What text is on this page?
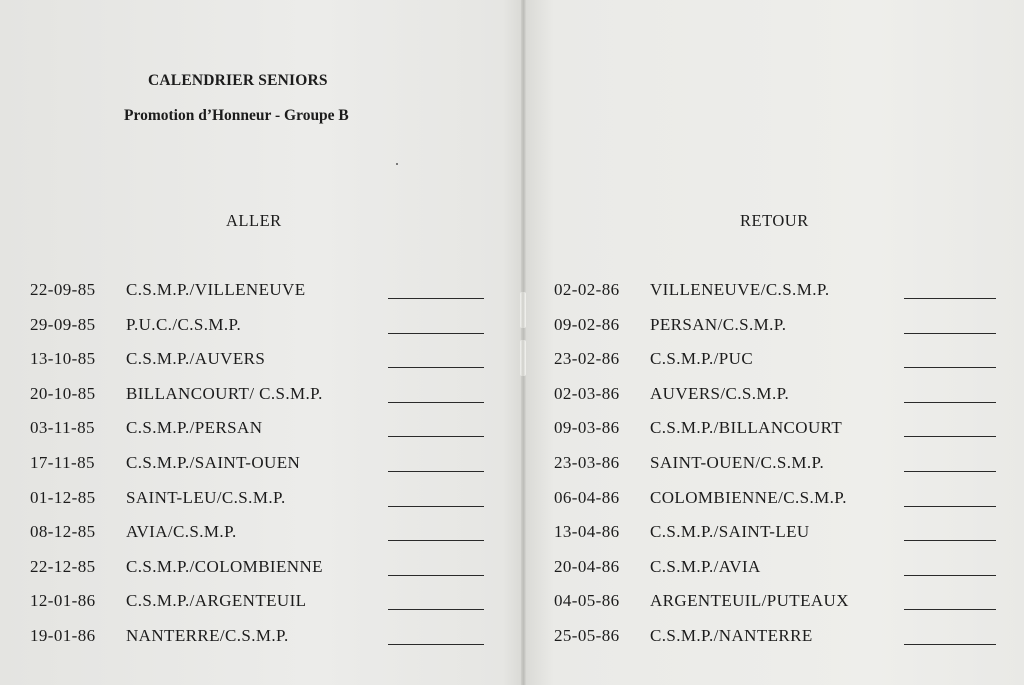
CALENDRIER SENIORS
Promotion d’Honneur - Groupe B
ALLER
22-09-85 C.S.M.P./VILLENEUVE
29-09-85 P.U.C./C.S.M.P.
13-10-85 C.S.M.P./AUVERS
20-10-85 BILLANCOURT/ C.S.M.P.
03-11-85 C.S.M.P./PERSAN
17-11-85 C.S.M.P./SAINT-OUEN
01-12-85 SAINT-LEU/C.S.M.P.
08-12-85 AVIA/C.S.M.P.
22-12-85 C.S.M.P./COLOMBIENNE
12-01-86 C.S.M.P./ARGENTEUIL
19-01-86 NANTERRE/C.S.M.P.
RETOUR
02-02-86 VILLENEUVE/C.S.M.P.
09-02-86 PERSAN/C.S.M.P.
23-02-86 C.S.M.P./PUC
02-03-86 AUVERS/C.S.M.P.
09-03-86 C.S.M.P./BILLANCOURT
23-03-86 SAINT-OUEN/C.S.M.P.
06-04-86 COLOMBIENNE/C.S.M.P.
13-04-86 C.S.M.P./SAINT-LEU
20-04-86 C.S.M.P./AVIA
04-05-86 ARGENTEUIL/PUTEAUX
25-05-86 C.S.M.P./NANTERRE
